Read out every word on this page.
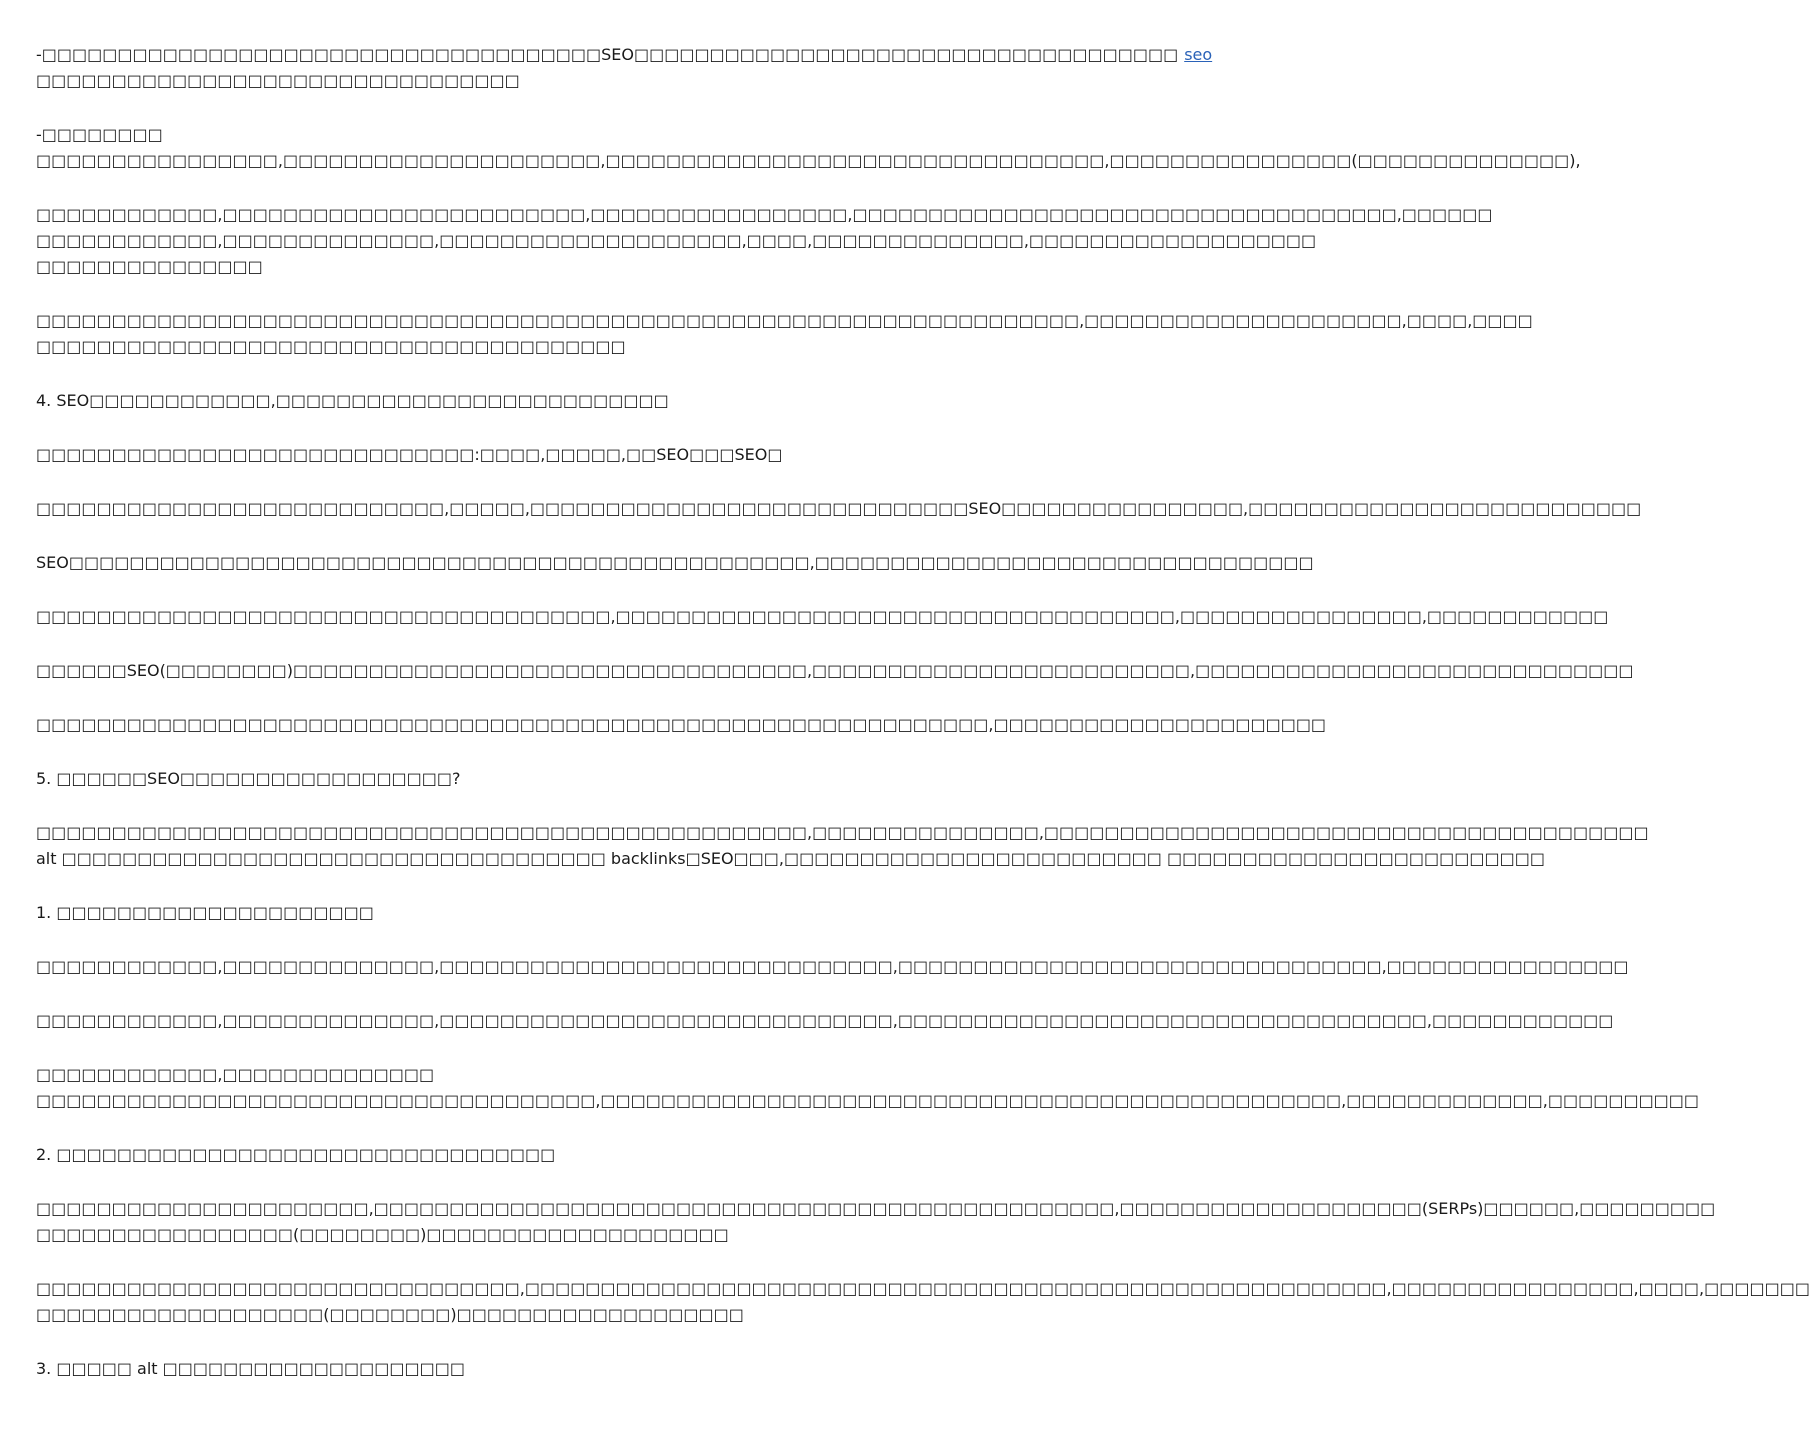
-□□□□□□□□□□□□□□□□□□□□□□□□□□□□□□□□□□□□□SEO□□□□□□□□□□□□□□□□□□□□□□□□□□□□□□□□□□□□ seo
□□□□□□□□□□□□□□□□□□□□□□□□□□□□□□□□
-□□□□□□□□
□□□□□□□□□□□□□□□□,□□□□□□□□□□□□□□□□□□□□□,□□□□□□□□□□□□□□□□□□□□□□□□□□□□□□□□□,□□□□□□□□□□□□□□□□(□□□□□□□□□□□□□□),
□□□□□□□□□□□□,□□□□□□□□□□□□□□□□□□□□□□□□,□□□□□□□□□□□□□□□□□,□□□□□□□□□□□□□□□□□□□□□□□□□□□□□□□□□□□□,□□□□□□
□□□□□□□□□□□□,□□□□□□□□□□□□□□,□□□□□□□□□□□□□□□□□□□□,□□□□,□□□□□□□□□□□□□□,□□□□□□□□□□□□□□□□□□□
□□□□□□□□□□□□□□□
□□□□□□□□□□□□□□□□□□□□□□□□□□□□□□□□□□□□□□□□□□□□□□□□□□□□□□□□□□□□□□□□□□□□□,□□□□□□□□□□□□□□□□□□□□□,□□□□,□□□□
□□□□□□□□□□□□□□□□□□□□□□□□□□□□□□□□□□□□□□□
4. SEO□□□□□□□□□□□□,□□□□□□□□□□□□□□□□□□□□□□□□□□
□□□□□□□□□□□□□□□□□□□□□□□□□□□□□:□□□□,□□□□□,□□SEO□□□SEO□
□□□□□□□□□□□□□□□□□□□□□□□□□□□,□□□□□,□□□□□□□□□□□□□□□□□□□□□□□□□□□□□SEO□□□□□□□□□□□□□□□□,□□□□□□□□□□□□□□□□□□□□□□□□□□
SEO□□□□□□□□□□□□□□□□□□□□□□□□□□□□□□□□□□□□□□□□□□□□□□□□□,□□□□□□□□□□□□□□□□□□□□□□□□□□□□□□□□□
□□□□□□□□□□□□□□□□□□□□□□□□□□□□□□□□□□□□□□,□□□□□□□□□□□□□□□□□□□□□□□□□□□□□□□□□□□□□,□□□□□□□□□□□□□□□□,□□□□□□□□□□□□
□□□□□□SEO(□□□□□□□□)□□□□□□□□□□□□□□□□□□□□□□□□□□□□□□□□□□,□□□□□□□□□□□□□□□□□□□□□□□□□,□□□□□□□□□□□□□□□□□□□□□□□□□□□□□
□□□□□□□□□□□□□□□□□□□□□□□□□□□□□□□□□□□□□□□□□□□□□□□□□□□□□□□□□□□□□□□,□□□□□□□□□□□□□□□□□□□□□□
5. □□□□□□SEO□□□□□□□□□□□□□□□□□□?
□□□□□□□□□□□□□□□□□□□□□□□□□□□□□□□□□□□□□□□□□□□□□□□□□□□,□□□□□□□□□□□□□□□,□□□□□□□□□□□□□□□□□□□□□□□□□□□□□□□□□□□□□□□□
alt □□□□□□□□□□□□□□□□□□□□□□□□□□□□□□□□□□□□ backlinks□SEO□□□,□□□□□□□□□□□□□□□□□□□□□□□□□ □□□□□□□□□□□□□□□□□□□□□□□□□
1. □□□□□□□□□□□□□□□□□□□□□
□□□□□□□□□□□□,□□□□□□□□□□□□□□,□□□□□□□□□□□□□□□□□□□□□□□□□□□□□□,□□□□□□□□□□□□□□□□□□□□□□□□□□□□□□□□,□□□□□□□□□□□□□□□□
□□□□□□□□□□□□,□□□□□□□□□□□□□□,□□□□□□□□□□□□□□□□□□□□□□□□□□□□□□,□□□□□□□□□□□□□□□□□□□□□□□□□□□□□□□□□□□,□□□□□□□□□□□□
□□□□□□□□□□□□,□□□□□□□□□□□□□□
□□□□□□□□□□□□□□□□□□□□□□□□□□□□□□□□□□□□□,□□□□□□□□□□□□□□□□□□□□□□□□□□□□□□□□□□□□□□□□□□□□□□□□□,□□□□□□□□□□□□□,□□□□□□□□□□
2. □□□□□□□□□□□□□□□□□□□□□□□□□□□□□□□□□
□□□□□□□□□□□□□□□□□□□□□□,□□□□□□□□□□□□□□□□□□□□□□□□□□□□□□□□□□□□□□□□□□□□□□□□□,□□□□□□□□□□□□□□□□□□□□(SERPs)□□□□□□,□□□□□□□□□
□□□□□□□□□□□□□□□□□(□□□□□□□□)□□□□□□□□□□□□□□□□□□□□
□□□□□□□□□□□□□□□□□□□□□□□□□□□□□□□□,□□□□□□□□□□□□□□□□□□□□□□□□□□□□□□□□□□□□□□□□□□□□□□□□□□□□□□□□□,□□□□□□□□□□□□□□□□,□□□□,□□□□□□□
□□□□□□□□□□□□□□□□□□□(□□□□□□□□)□□□□□□□□□□□□□□□□□□□
3. □□□□□ alt □□□□□□□□□□□□□□□□□□□□
